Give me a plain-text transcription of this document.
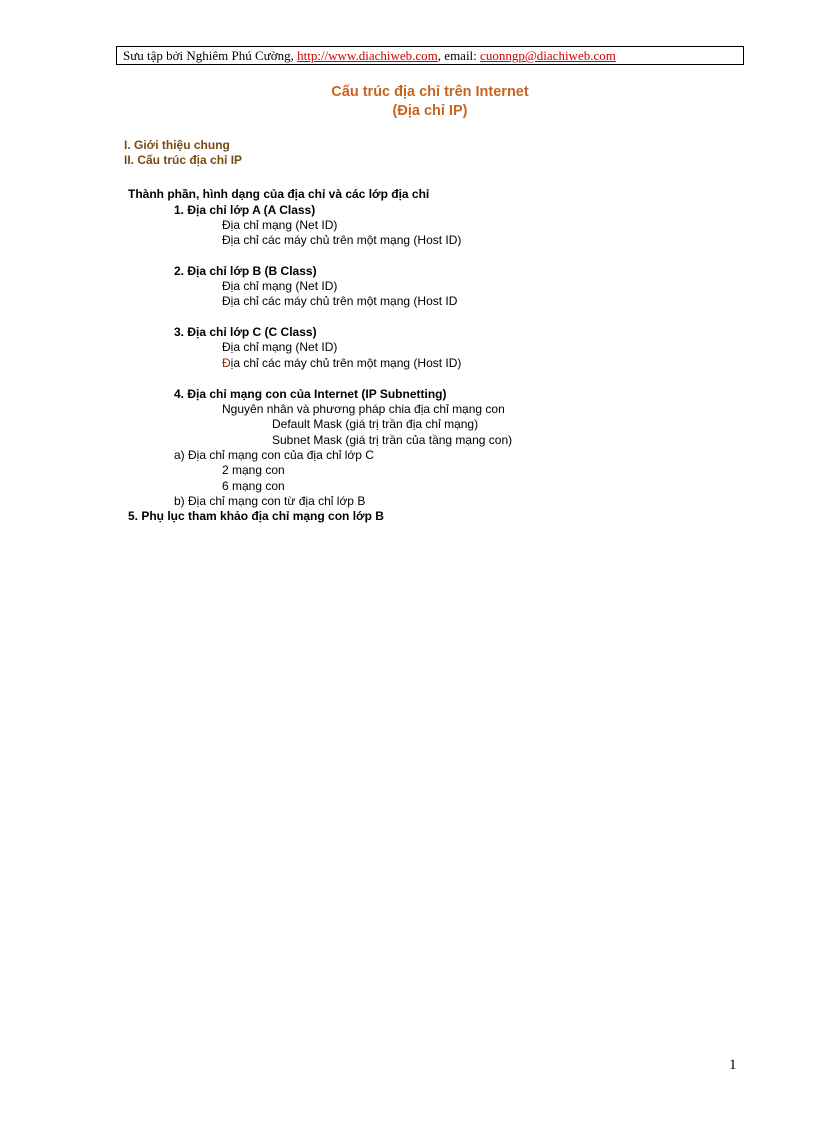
Sưu tập bởi Nghiêm Phú Cường, http://www.diachiweb.com, email: cuonngp@diachiweb.com
Cấu trúc địa chỉ trên Internet
(Địa chỉ IP)
I. Giới thiệu chung
II. Cấu trúc địa chỉ IP
Thành phần, hình dạng của địa chỉ và các lớp địa chỉ
1. Địa chỉ lớp A (A Class)
Địa chỉ mạng (Net ID)
Địa chỉ các máy chủ trên một mạng (Host ID)
2. Địa chỉ lớp B (B Class)
Địa chỉ mạng (Net ID)
Địa chỉ các máy chủ trên một mạng (Host ID
3. Địa chỉ lớp C (C Class)
Địa chỉ mạng (Net ID)
Địa chỉ các máy chủ trên một mạng (Host ID)
4. Địa chỉ mạng con của Internet (IP Subnetting)
Nguyên nhân và phương pháp chia địa chỉ mạng con
Default Mask (giá trị trần địa chỉ mạng)
Subnet Mask (giá trị trần của tầng mạng con)
a) Địa chỉ mạng con của địa chỉ lớp C
2 mạng con
6 mạng con
b) Địa chỉ mạng con từ địa chỉ lớp B
5. Phụ lục tham khảo địa chỉ mạng con lớp B
1
